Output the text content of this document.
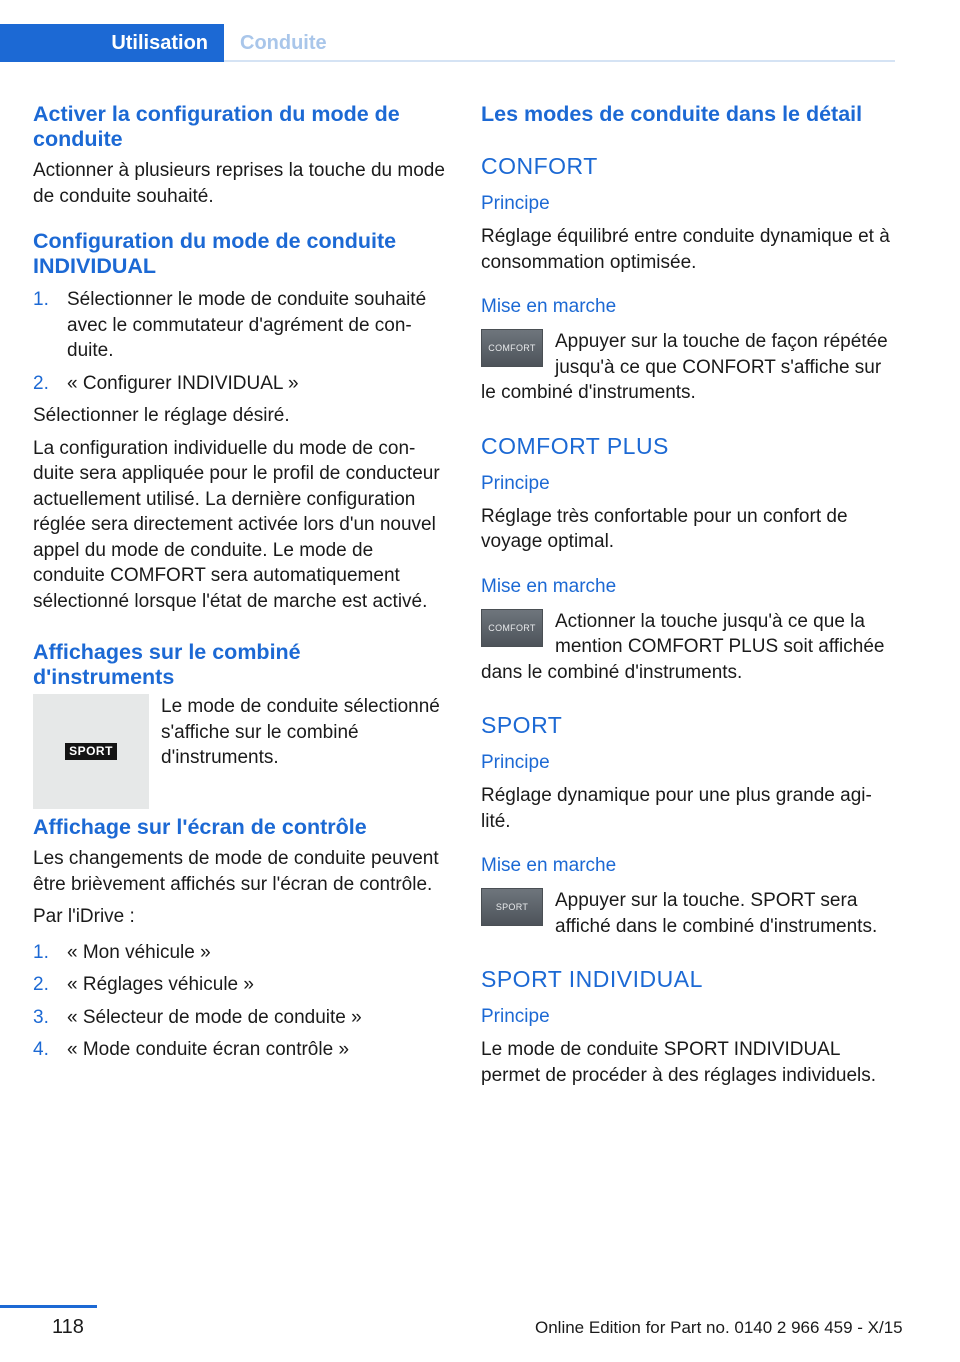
Utilisation	Conduite
Activer la configuration du mode de conduite

Actionner à plusieurs reprises la touche du mode de conduite souhaité.

Configuration du mode de conduite INDIVIDUAL
1. Sélectionner le mode de conduite souhaité avec le commutateur d'agrément de conduite.
2. « Configurer INDIVIDUAL »

Sélectionner le réglage désiré.

La configuration individuelle du mode de conduite sera appliquée pour le profil de conducteur actuellement utilisé. La dernière configuration réglée sera directement activée lors d'un nouvel appel du mode de conduite. Le mode de conduite COMFORT sera automatiquement sélectionné lorsque l'état de marche est activé.

Affichages sur le combiné d'instruments
SPORT

Le mode de conduite sélectionné s'affiche sur le combiné d'instruments.

Affichage sur l'écran de contrôle

Les changements de mode de conduite peuvent être brièvement affichés sur l'écran de contrôle.

Par l'iDrive :

1. « Mon véhicule »
2. « Réglages véhicule »
3. « Sélecteur de mode de conduite »
4. « Mode conduite écran contrôle »
Les modes de conduite dans le détail
CONFORT
Principe

Réglage équilibré entre conduite dynamique et à consommation optimisée.

Mise en marche
COMFORT	Appuyer sur la touche de façon répétée jusqu'à ce que CONFORT s'affiche sur le combiné d'instruments.

COMFORT PLUS
Principe

Réglage très confortable pour un confort de voyage optimal.

Mise en marche
COMFORT	Actionner la touche jusqu'à ce que la mention COMFORT PLUS soit affichée dans le combiné d'instruments.

SPORT
Principe

Réglage dynamique pour une plus grande agilité.

Mise en marche
SPORT	Appuyer sur la touche. SPORT sera affiché dans le combiné d'instruments.

SPORT INDIVIDUAL
Principe

Le mode de conduite SPORT INDIVIDUAL permet de procéder à des réglages individuels.

118	Online Edition for Part no. 0140 2 966 459 - X/15
